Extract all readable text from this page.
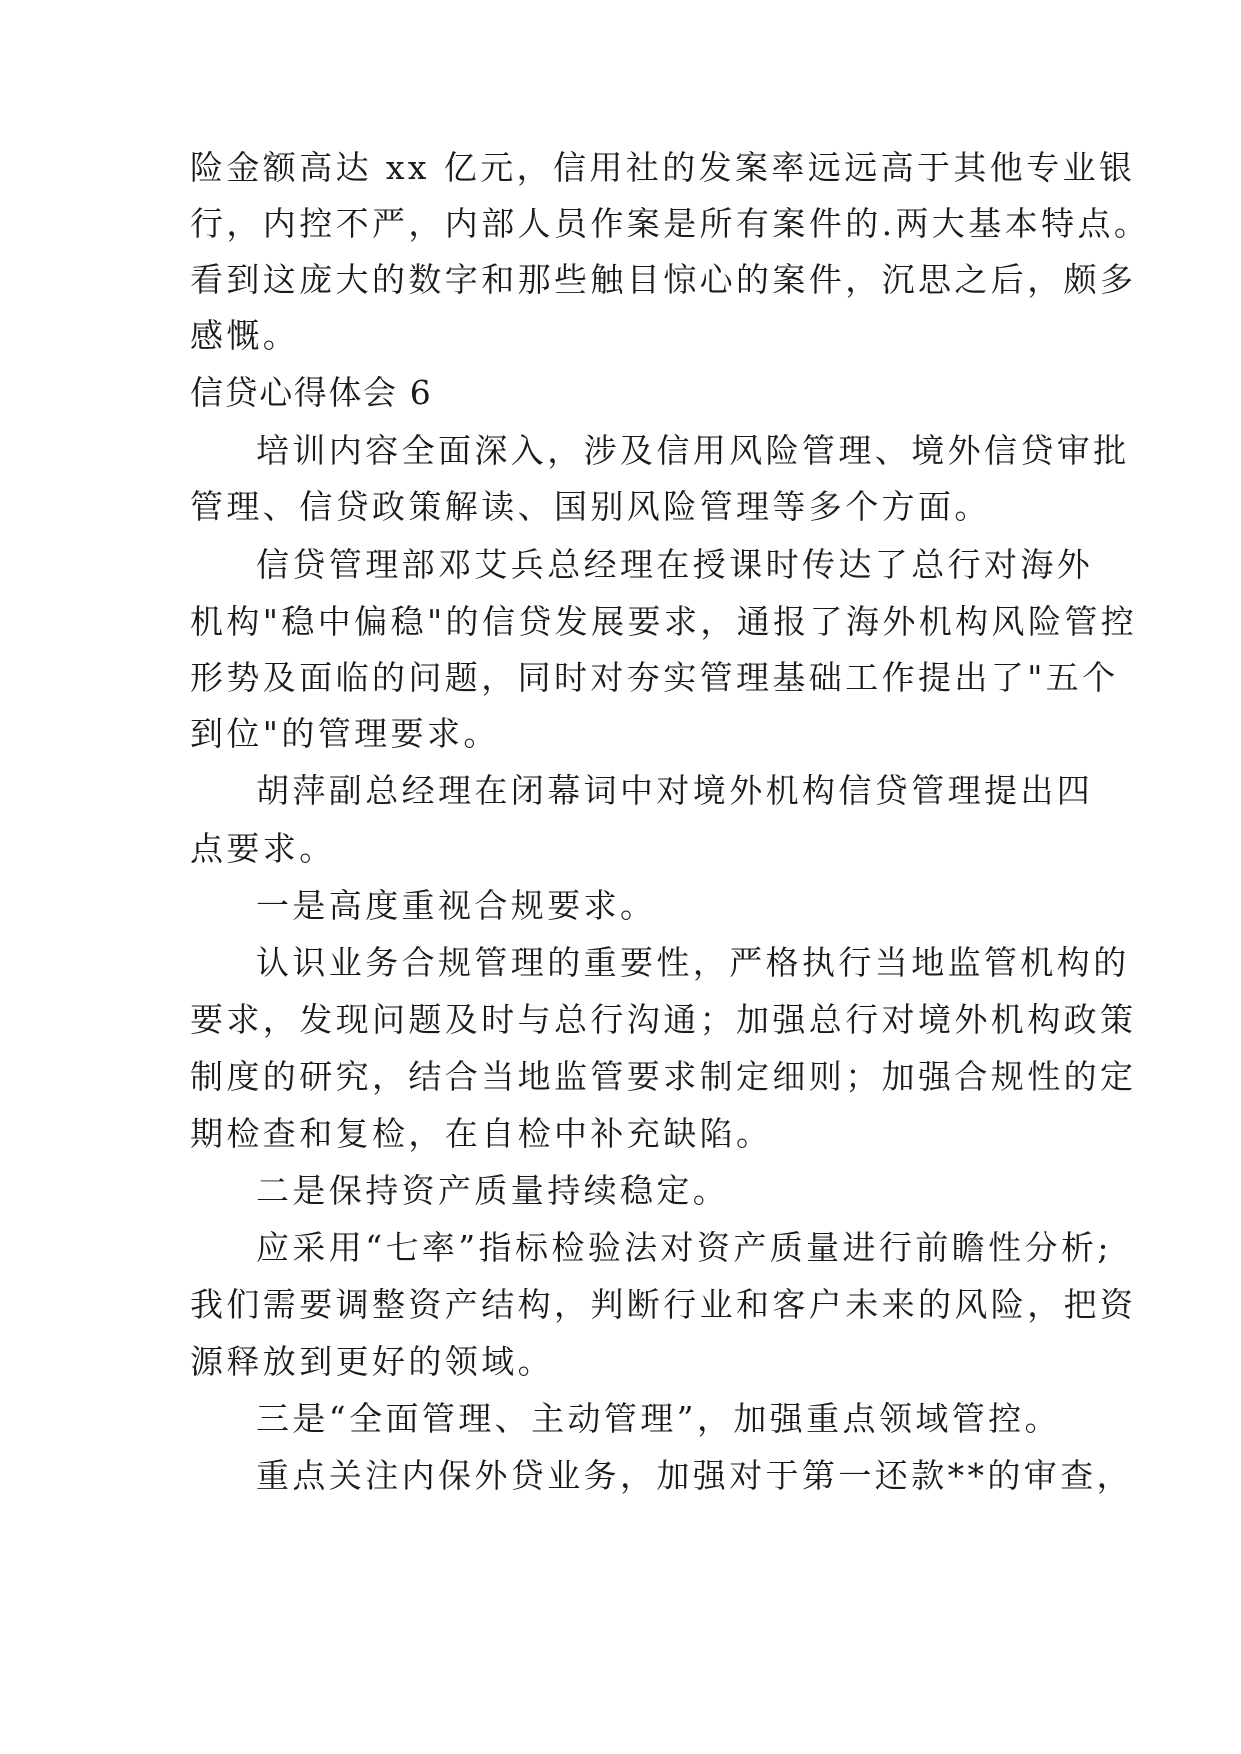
险金额高达 xx 亿元，信用社的发案率远远高于其他专业银
行，内控不严，内部人员作案是所有案件的.两大基本特点。
看到这庞大的数字和那些触目惊心的案件，沉思之后，颇多
感慨。
信贷心得体会 6
培训内容全面深入，涉及信用风险管理、境外信贷审批
管理、信贷政策解读、国别风险管理等多个方面。
信贷管理部邓艾兵总经理在授课时传达了总行对海外
机构"稳中偏稳"的信贷发展要求，通报了海外机构风险管控
形势及面临的问题，同时对夯实管理基础工作提出了"五个
到位"的管理要求。
胡萍副总经理在闭幕词中对境外机构信贷管理提出四
点要求。
一是高度重视合规要求。
认识业务合规管理的重要性，严格执行当地监管机构的
要求，发现问题及时与总行沟通；加强总行对境外机构政策
制度的研究，结合当地监管要求制定细则；加强合规性的定
期检查和复检，在自检中补充缺陷。
二是保持资产质量持续稳定。
应采用“七率”指标检验法对资产质量进行前瞻性分析;
我们需要调整资产结构，判断行业和客户未来的风险，把资
源释放到更好的领域。
三是“全面管理、主动管理”，加强重点领域管控。
重点关注内保外贷业务，加强对于第一还款**的审查，
